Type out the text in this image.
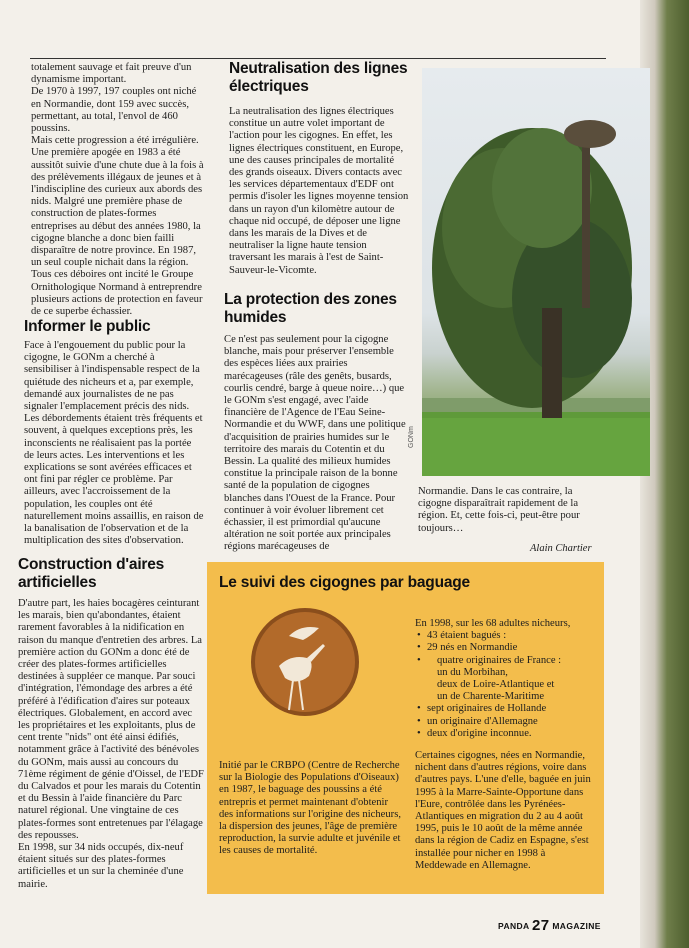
totalement sauvage et fait preuve d'un dynamisme important.

De 1970 à 1997, 197 couples ont niché en Normandie, dont 159 avec succès, permettant, au total, l'envol de 460 poussins.

Mais cette progression a été irrégulière. Une première apogée en 1983 a été aussitôt suivie d'une chute due à la fois à des prélèvements illégaux de jeunes et à l'indiscipline des curieux aux abords des nids. Malgré une première phase de construction de plates-formes entreprises au début des années 1980, la cigogne blanche a donc bien failli disparaître de notre province. En 1987, un seul couple nichait dans la région. Tous ces déboires ont incité le Groupe Ornithologique Normand à entreprendre plusieurs actions de protection en faveur de ce superbe échassier.

Informer le public

Face à l'engouement du public pour la cigogne, le GONm a cherché à sensibiliser à l'indispensable respect de la quiétude des nicheurs et a, par exemple, demandé aux journalistes de ne pas signaler l'emplacement précis des nids. Les débordements étaient très fréquents et souvent, à quelques exceptions près, les inconscients ne réalisaient pas la portée de leurs actes. Les interventions et les explications se sont avérées efficaces et ont fini par régler ce problème. Par ailleurs, avec l'accroissement de la population, les couples ont été naturellement moins assaillis, en raison de la banalisation de l'observation et de la multiplication des sites d'observation.

Construction d'aires
artificielles

D'autre part, les haies bocagères ceinturant les marais, bien qu'abondantes, étaient rarement favorables à la nidification en raison du manque d'entretien des arbres. La première action du GONm a donc été de créer des plates-formes artificielles destinées à suppléer ce manque. Par souci d'intégration, l'émondage des arbres a été préféré à l'édification d'aires sur poteaux électriques. Globalement, en accord avec les propriétaires et les exploitants, plus de cent trente "nids" ont été ainsi édifiés, notamment grâce à l'activité des bénévoles du GONm, mais aussi au concours du 71ème régiment de génie d'Oissel, de l'EDF du Calvados et pour les marais du Cotentin et du Bessin à l'aide financière du Parc naturel régional. Une vingtaine de ces plates-formes sont entretenues par l'élagage des repousses.

En 1998, sur 34 nids occupés, dix-neuf étaient situés sur des plates-formes artificielles et un sur la cheminée d'une mairie.

Neutralisation des lignes
électriques

La neutralisation des lignes électriques constitue un autre volet important de l'action pour les cigognes. En effet, les lignes électriques constituent, en Europe, une des causes principales de mortalité des grands oiseaux. Divers contacts avec les services départementaux d'EDF ont permis d'isoler les lignes moyenne tension dans un rayon d'un kilomètre autour de chaque nid occupé, de déposer une ligne dans les marais de la Dives et de neutraliser la ligne haute tension traversant les marais à l'est de Saint-Sauveur-le-Vicomte.

La protection des zones
humides

Ce n'est pas seulement pour la cigogne blanche, mais pour préserver l'ensemble des espèces liées aux prairies marécageuses (râle des genêts, busards, courlis cendré, barge à queue noire…) que le GONm s'est engagé, avec l'aide financière de l'Agence de l'Eau Seine-Normandie et du WWF, dans une politique d'acquisition de prairies humides sur le territoire des marais du Cotentin et du Bessin. La qualité des milieux humides constitue la principale raison de la bonne santé de la population de cigognes blanches dans l'Ouest de la France. Pour continuer à voir évoluer librement cet échassier, il est primordial qu'aucune altération ne soit portée aux principales régions marécageuses de

GONm

Normandie. Dans le cas contraire, la cigogne disparaîtrait rapidement de la région. Et, cette fois-ci, peut-être pour toujours…

Alain Chartier
Le suivi des cigognes par baguage

Initié par le CRBPO (Centre de Recherche sur la Biologie des Populations d'Oiseaux) en 1987, le baguage des poussins a été entrepris et permet maintenant d'obtenir des informations sur l'origine des nicheurs, la dispersion des jeunes, l'âge de première reproduction, la survie adulte et juvénile et les causes de mortalité.

En 1998, sur les 68 adultes nicheurs,

• 43 étaient bagués :
• 29 nés en Normandie
• quatre originaires de France :
un du Morbihan,
deux de Loire-Atlantique et
un de Charente-Maritime
• sept originaires de Hollande
• un originaire d'Allemagne
• deux d'origine inconnue.

Certaines cigognes, nées en Normandie, nichent dans d'autres régions, voire dans d'autres pays. L'une d'elle, baguée en juin 1995 à la Marre-Sainte-Opportune dans l'Eure, contrôlée dans les Pyrénées-Atlantiques en migration du 2 au 4 août 1995, puis le 10 août de la même année dans la région de Cadiz en Espagne, s'est installée pour nicher en 1998 à Meddewade en Allemagne.

PANDA 27 MAGAZINE
